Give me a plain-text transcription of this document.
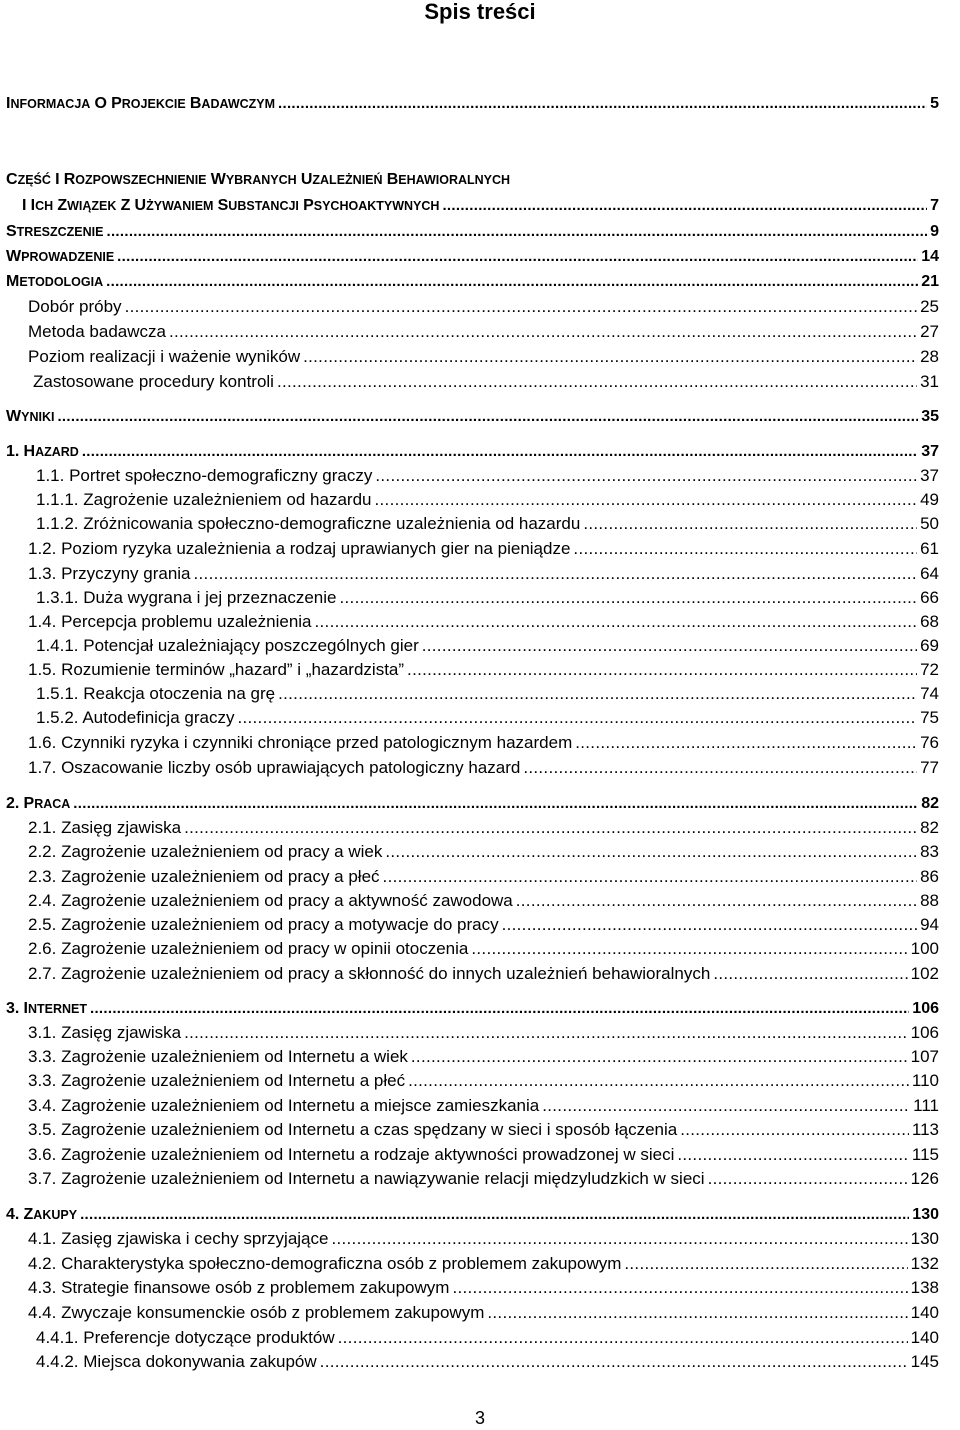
Spis treści
INFORMACJA O PROJEKCIE BADAWCZYM .....	5
CZĘŚĆ I ROZPOWSZECHNIENIE WYBRANYCH UZALEŻNIEŃ BEHAWIORALNYCH
I ICH ZWIĄZEK Z UŻYWANIEM SUBSTANCJI PSYCHOAKTYWNYCH .....	7
STRESZCZENIE .....	9
WPROWADZENIE .....	14
METODOLOGIA .....	21
Dobór próby .....	25
Metoda badawcza .....	27
Poziom realizacji i ważenie wyników .....	28
Zastosowane procedury kontroli .....	31
WYNIKI .....	35
1. HAZARD .....	37
1.1. Portret społeczno-demograficzny graczy .....	37
1.1.1. Zagrożenie uzależnieniem od hazardu .....	49
1.1.2. Zróżnicowania społeczno-demograficzne uzależnienia od hazardu .....	50
1.2. Poziom ryzyka uzależnienia a rodzaj uprawianych gier na pieniądze .....	61
1.3. Przyczyny grania .....	64
1.3.1. Duża wygrana i jej przeznaczenie .....	66
1.4. Percepcja problemu uzależnienia .....	68
1.4.1. Potencjał uzależniający poszczególnych gier .....	69
1.5. Rozumienie terminów „hazard” i „hazardzista” .....	72
1.5.1. Reakcja otoczenia na grę .....	74
1.5.2. Autodefinicja graczy .....	75
1.6. Czynniki ryzyka i czynniki chroniące przed patologicznym hazardem .....	76
1.7. Oszacowanie liczby osób uprawiających patologiczny hazard .....	77
2. PRACA .....	82
2.1. Zasięg zjawiska .....	82
2.2. Zagrożenie uzależnieniem od pracy a wiek .....	83
2.3. Zagrożenie uzależnieniem od pracy a płeć .....	86
2.4. Zagrożenie uzależnieniem od pracy a aktywność zawodowa .....	88
2.5. Zagrożenie uzależnieniem od pracy a motywacje do pracy .....	94
2.6. Zagrożenie uzależnieniem od pracy w opinii otoczenia .....	100
2.7. Zagrożenie uzależnieniem od pracy a skłonność do innych uzależnień behawioralnych .....	102
3. INTERNET .....	106
3.1. Zasięg zjawiska .....	106
3.3. Zagrożenie uzależnieniem od Internetu a wiek .....	107
3.3. Zagrożenie uzależnieniem od Internetu a płeć .....	110
3.4. Zagrożenie uzależnieniem od Internetu a miejsce zamieszkania .....	111
3.5. Zagrożenie uzależnieniem od Internetu a czas spędzany w sieci i sposób łączenia .....	113
3.6. Zagrożenie uzależnieniem od Internetu a rodzaje aktywności prowadzonej w sieci .....	115
3.7. Zagrożenie uzależnieniem od Internetu a nawiązywanie relacji międzyludzkich w sieci .....	126
4. ZAKUPY .....	130
4.1. Zasięg zjawiska i cechy sprzyjające .....	130
4.2. Charakterystyka społeczno-demograficzna osób z problemem zakupowym .....	132
4.3. Strategie finansowe osób z problemem zakupowym .....	138
4.4. Zwyczaje konsumenckie osób z problemem zakupowym .....	140
4.4.1. Preferencje dotyczące produktów .....	140
4.4.2. Miejsca dokonywania zakupów .....	145
3
